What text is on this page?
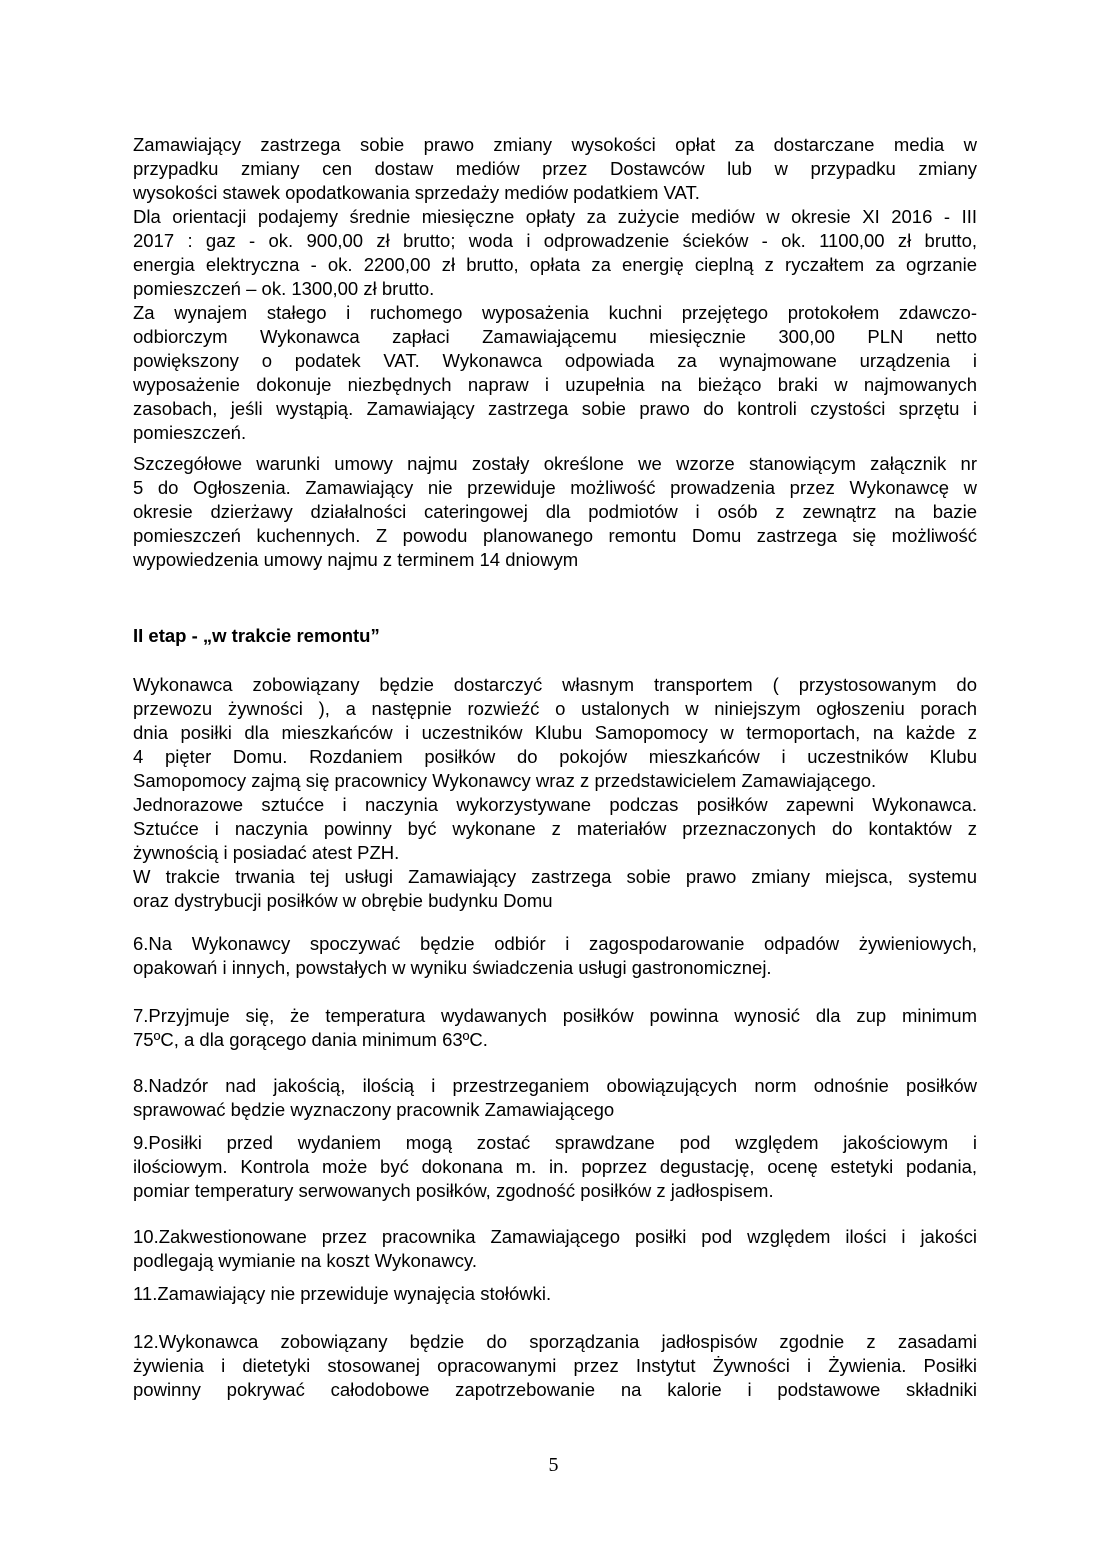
Zamawiający zastrzega sobie prawo zmiany wysokości opłat za dostarczane media w
przypadku zmiany cen dostaw mediów przez Dostawców lub w przypadku zmiany
wysokości stawek opodatkowania sprzedaży mediów podatkiem VAT.
Dla orientacji podajemy średnie miesięczne opłaty za zużycie mediów w okresie XI 2016 - III
2017 : gaz - ok. 900,00 zł brutto; woda i odprowadzenie ścieków - ok. 1100,00 zł brutto,
energia elektryczna - ok. 2200,00 zł brutto, opłata za energię cieplną z ryczałtem za ogrzanie
pomieszczeń – ok. 1300,00 zł brutto.
Za wynajem stałego i ruchomego wyposażenia kuchni przejętego protokołem zdawczo-
odbiorczym Wykonawca zapłaci Zamawiającemu miesięcznie 300,00 PLN netto
powiększony o podatek VAT. Wykonawca odpowiada za wynajmowane urządzenia i
wyposażenie dokonuje niezbędnych napraw i uzupełnia na bieżąco braki w najmowanych
zasobach, jeśli wystąpią. Zamawiający zastrzega sobie prawo do kontroli czystości sprzętu i
pomieszczeń.
Szczegółowe warunki umowy najmu zostały określone we wzorze stanowiącym załącznik nr
5 do Ogłoszenia. Zamawiający nie przewiduje możliwość prowadzenia przez Wykonawcę w
okresie dzierżawy działalności cateringowej dla podmiotów i osób z zewnątrz na bazie
pomieszczeń kuchennych. Z powodu planowanego remontu Domu zastrzega się możliwość
wypowiedzenia umowy najmu z terminem 14 dniowym
II etap - „w trakcie remontu”
Wykonawca zobowiązany będzie dostarczyć własnym transportem ( przystosowanym do
przewozu żywności ), a następnie rozwieźć o ustalonych w niniejszym ogłoszeniu porach
dnia posiłki dla mieszkańców i uczestników Klubu Samopomocy w termoportach, na każde z
4 pięter Domu. Rozdaniem posiłków do pokojów mieszkańców i uczestników Klubu
Samopomocy zajmą się pracownicy Wykonawcy wraz z przedstawicielem Zamawiającego.
Jednorazowe sztućce i naczynia wykorzystywane podczas posiłków zapewni Wykonawca.
Sztućce i naczynia powinny być wykonane z materiałów przeznaczonych do kontaktów z
żywnością i posiadać atest PZH.
W trakcie trwania tej usługi Zamawiający zastrzega sobie prawo zmiany miejsca, systemu
oraz dystrybucji posiłków w obrębie budynku Domu
6.Na Wykonawcy spoczywać będzie odbiór i zagospodarowanie odpadów żywieniowych,
opakowań i innych, powstałych w wyniku świadczenia usługi gastronomicznej.
7.Przyjmuje się, że temperatura wydawanych posiłków powinna wynosić dla zup minimum
75ºC, a dla gorącego dania minimum 63ºC.
8.Nadzór nad jakością, ilością i przestrzeganiem obowiązujących norm odnośnie posiłków
sprawować będzie wyznaczony pracownik Zamawiającego
9.Posiłki przed wydaniem mogą zostać sprawdzane pod względem jakościowym i
ilościowym. Kontrola może być dokonana m. in. poprzez degustację, ocenę estetyki podania,
pomiar temperatury serwowanych posiłków, zgodność posiłków z jadłospisem.
10.Zakwestionowane przez pracownika Zamawiającego posiłki pod względem ilości i jakości
podlegają wymianie na koszt Wykonawcy.
11.Zamawiający nie przewiduje wynajęcia stołówki.
12.Wykonawca zobowiązany będzie do sporządzania jadłospisów zgodnie z zasadami
żywienia i dietetyki stosowanej opracowanymi przez Instytut Żywności i Żywienia. Posiłki
powinny pokrywać całodobowe zapotrzebowanie na kalorie i podstawowe składniki
5
